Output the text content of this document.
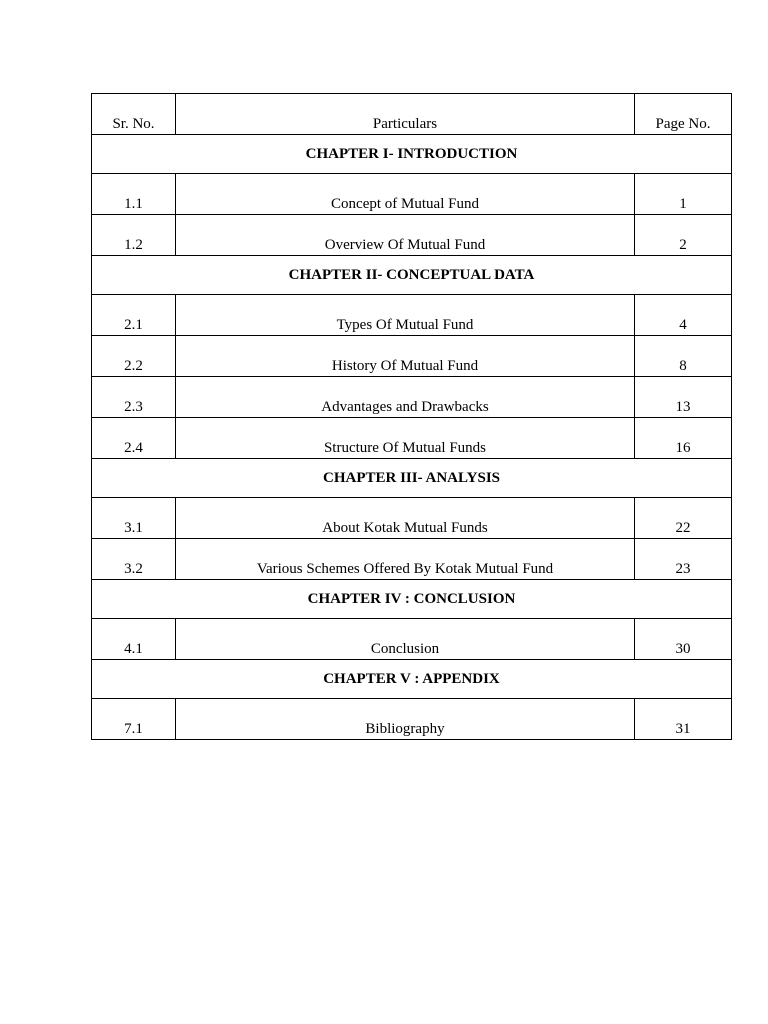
Sr. No.	Particulars	Page No.
CHAPTER I- INTRODUCTION		
1.1	Concept of Mutual Fund	1
1.2	Overview Of Mutual Fund	2
CHAPTER II- CONCEPTUAL DATA		
2.1	Types Of Mutual Fund	4
2.2	History Of Mutual Fund	8
2.3	Advantages and Drawbacks	13
2.4	Structure Of Mutual Funds	16
CHAPTER III- ANALYSIS		
3.1	About Kotak Mutual Funds	22
3.2	Various Schemes Offered By Kotak Mutual Fund	23
CHAPTER IV : CONCLUSION		
4.1	Conclusion	30
CHAPTER V : APPENDIX		
7.1	Bibliography	31
